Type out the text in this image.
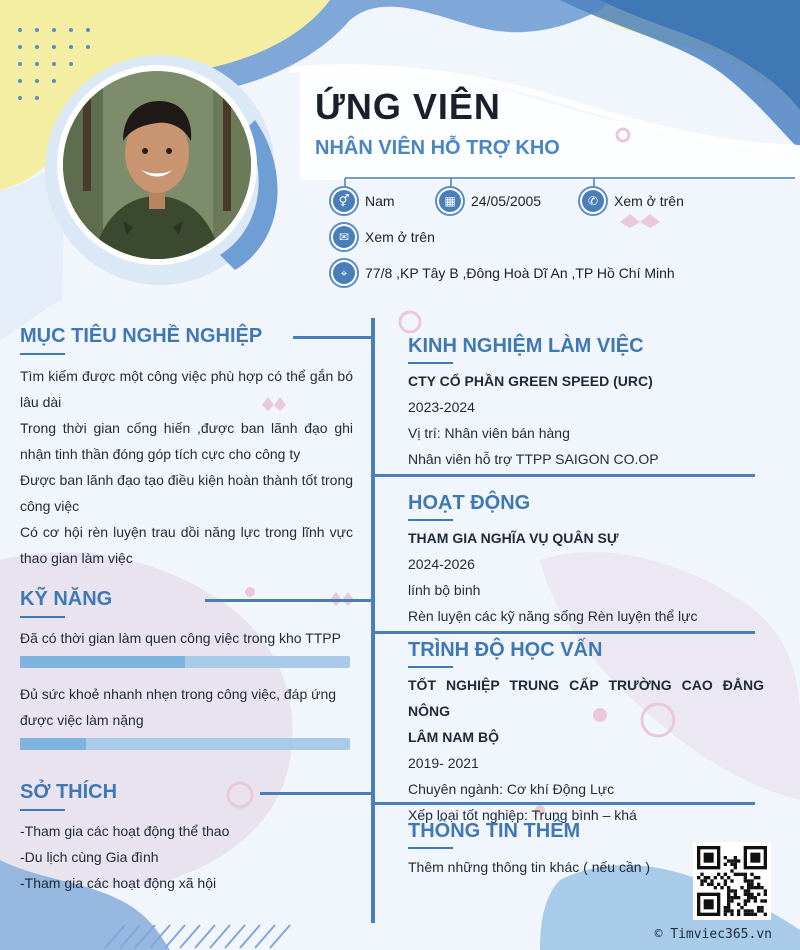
ỨNG VIÊN
NHÂN VIÊN HỖ TRỢ KHO
⚥	Nam	▦	24/05/2005	✆	Xem ở trên
✉	Xem ở trên
⌖	77/8 ,KP Tây B ,Đông Hoà Dĩ An ,TP Hồ Chí Minh
MỤC TIÊU NGHỀ NGHIỆP
Tìm kiếm được một công việc phù hợp có thể gắn bó
lâu dài
Trong thời gian cống hiến ,được ban lãnh đạo ghi
nhận tinh thần đóng góp tích cực cho công ty
Được ban lãnh đạo tạo điều kiện hoàn thành tốt trong
công việc
Có cơ hội rèn luyện trau dồi năng lực trong lĩnh vực
thao gian làm việc
KỸ NĂNG
Đã có thời gian làm quen công việc trong kho TTPP
Đủ sức khoẻ nhanh nhẹn trong công việc, đáp ứng
được việc làm nặng
SỞ THÍCH
-Tham gia các hoạt động thể thao
-Du lịch cùng Gia đình
-Tham gia các hoạt động xã hội
KINH NGHIỆM LÀM VIỆC
CTY CỔ PHẦN GREEN SPEED (URC)
2023-2024
Vị trí: Nhân viên bán hàng
Nhân viên hỗ trợ TTPP SAIGON CO.OP
HOẠT ĐỘNG
THAM GIA NGHĨA VỤ QUÂN SỰ
2024-2026
lính bộ binh
Rèn luyện các kỹ năng sống Rèn luyện thể lực
TRÌNH ĐỘ HỌC VẤN
TỐT NGHIỆP TRUNG CẤP TRƯỜNG CAO ĐẲNG NÔNG
LÂM NAM BỘ
2019- 2021
Chuyên ngành: Cơ khí Động Lực
Xếp loại tốt nghiệp: Trung bình – khá
THÔNG TIN THÊM
Thêm những thông tin khác ( nếu cần )
© Timviec365.vn
